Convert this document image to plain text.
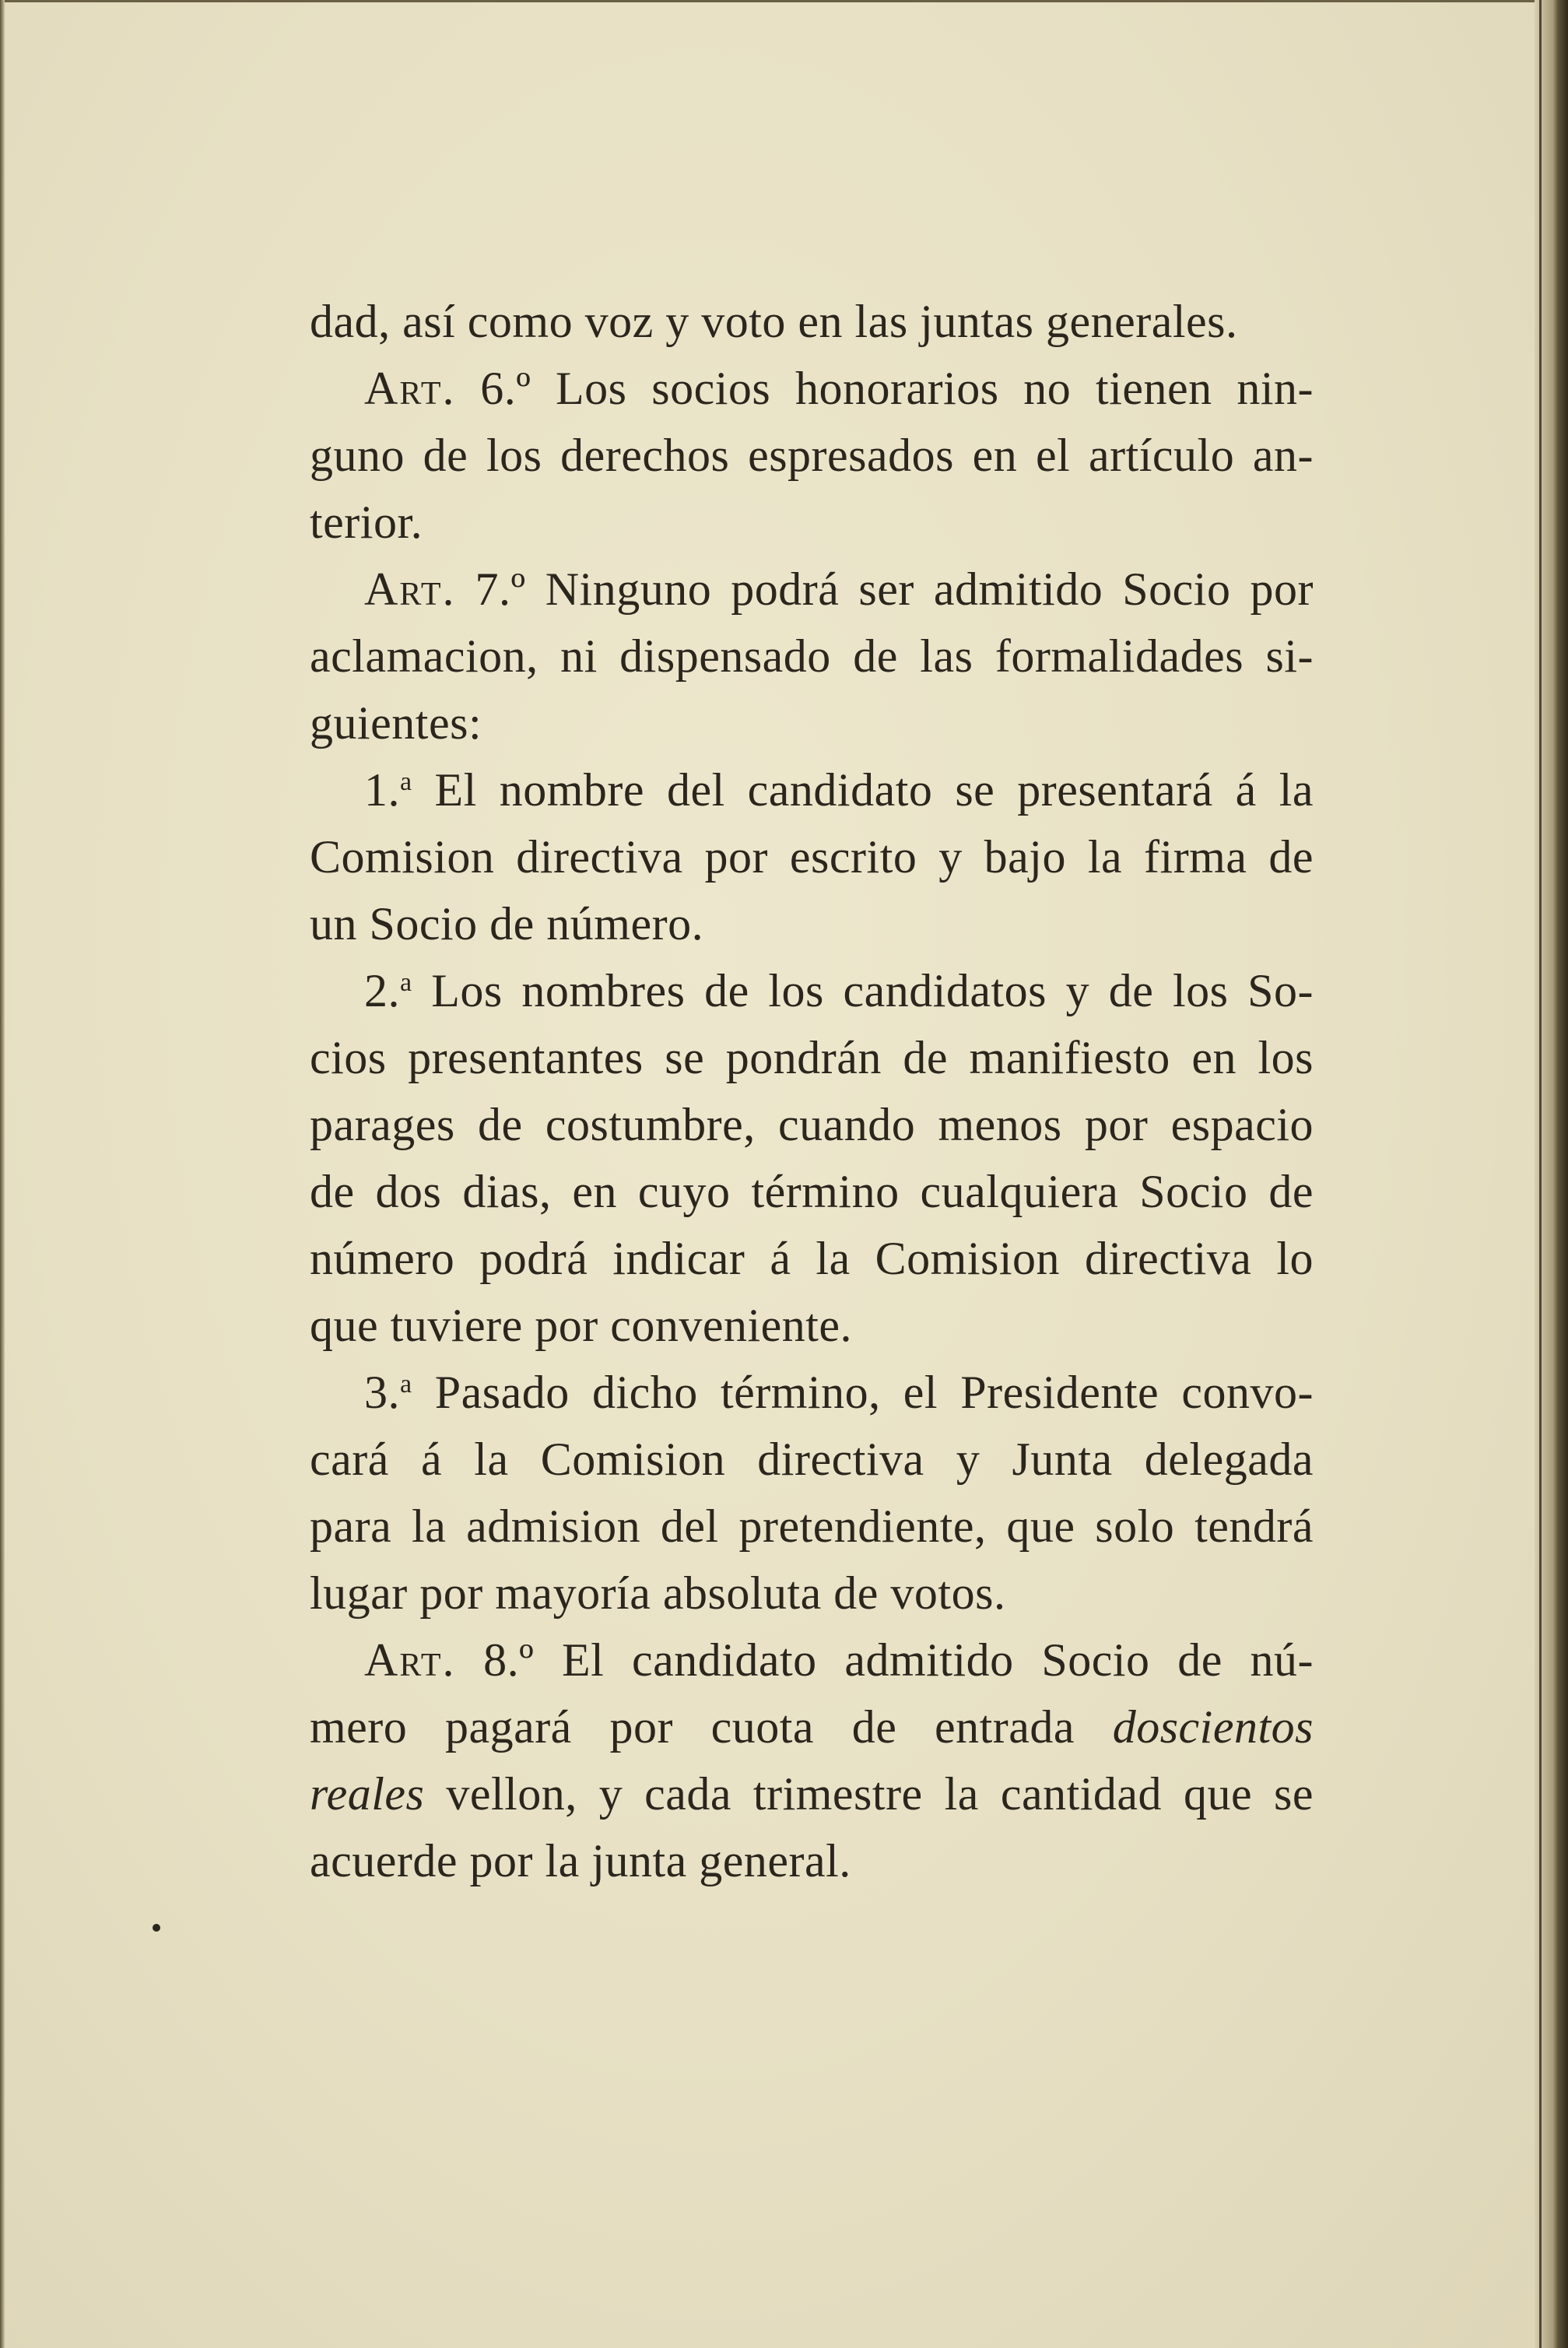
dad, así como voz y voto en las juntas generales.
Art. 6.º Los socios honorarios no tienen nin-
guno de los derechos espresados en el artículo an-
terior.
Art. 7.º Ninguno podrá ser admitido Socio por
aclamacion, ni dispensado de las formalidades si-
guientes:
1.$^a$ El nombre del candidato se presentará á la
Comision directiva por escrito y bajo la firma de
un Socio de número.
2.$^a$ Los nombres de los candidatos y de los So-
cios presentantes se pondrán de manifiesto en los
parages de costumbre, cuando menos por espacio
de dos dias, en cuyo término cualquiera Socio de
número podrá indicar á la Comision directiva lo
que tuviere por conveniente.
3.$^a$ Pasado dicho término, el Presidente convo-
cará á la Comision directiva y Junta delegada
para la admision del pretendiente, que solo tendrá
lugar por mayoría absoluta de votos.
Art. 8.º El candidato admitido Socio de nú-
mero pagará por cuota de entrada doscientos
reales vellon, y cada trimestre la cantidad que se
acuerde por la junta general.
